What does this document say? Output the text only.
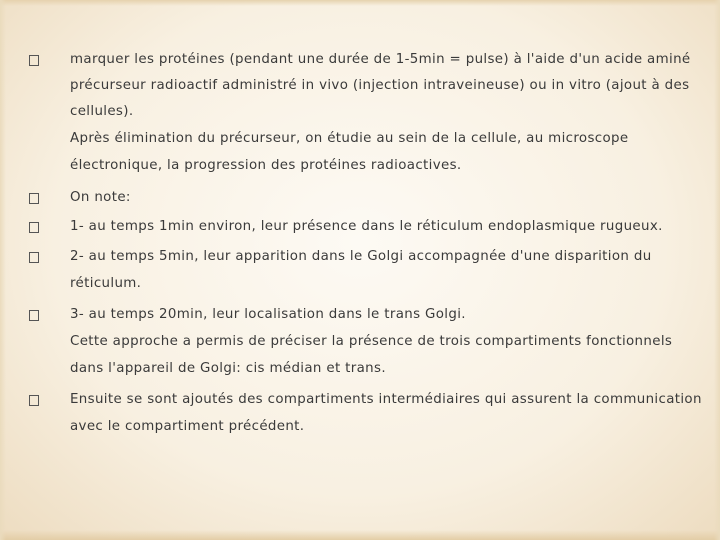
marquer les protéines (pendant une durée de 1-5min = pulse) à l'aide d'un acide aminé

précurseur radioactif administré in vivo (injection intraveineuse) ou in vitro (ajout à des

cellules).

Après élimination du précurseur, on étudie au sein de la cellule, au microscope

électronique, la progression des protéines radioactives.

On note:

1- au temps 1min environ, leur présence dans le réticulum endoplasmique rugueux.

2- au temps 5min, leur apparition dans le Golgi accompagnée d'une disparition du

réticulum.

3- au temps 20min, leur localisation dans le trans Golgi.

Cette approche a permis de préciser la présence de trois compartiments fonctionnels

dans l'appareil de Golgi: cis médian et trans.

Ensuite se sont ajoutés des compartiments intermédiaires qui assurent la communication

avec le compartiment précédent.
